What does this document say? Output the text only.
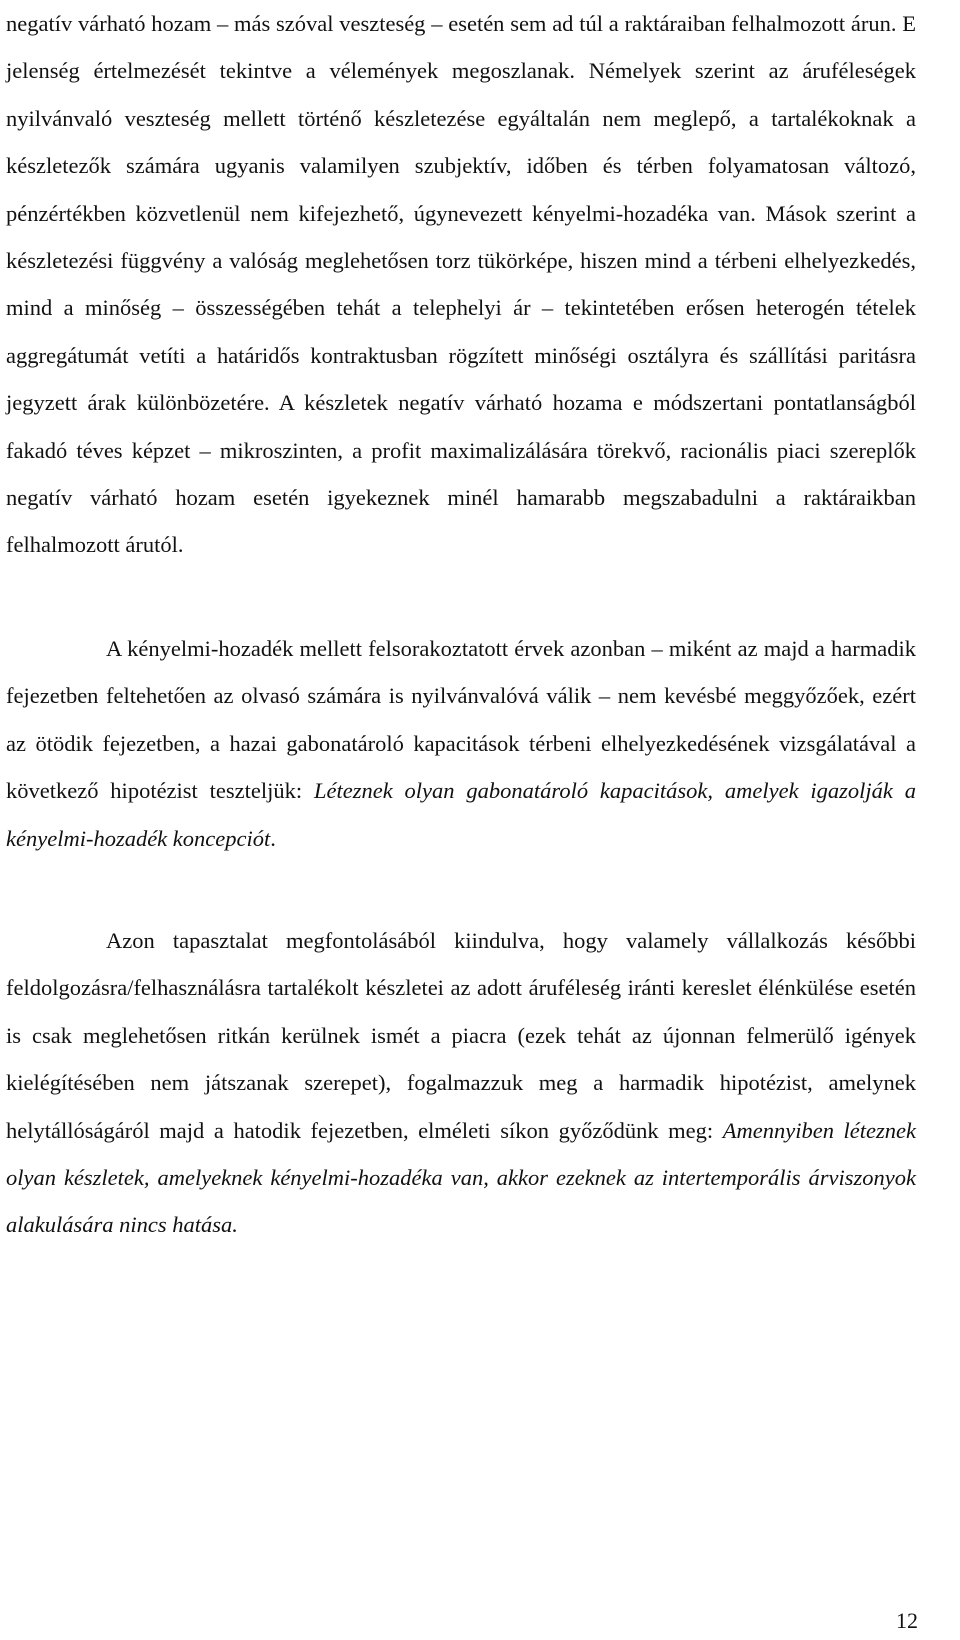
negatív várható hozam – más szóval veszteség – esetén sem ad túl a raktáraiban felhalmozott árun. E jelenség értelmezését tekintve a vélemények megoszlanak. Némelyek szerint az áruféleségek nyilvánvaló veszteség mellett történő készletezése egyáltalán nem meglepő, a tartalékoknak a készletezők számára ugyanis valamilyen szubjektív, időben és térben folyamatosan változó, pénzértékben közvetlenül nem kifejezhető, úgynevezett kényelmi-hozadéka van. Mások szerint a készletezési függvény a valóság meglehetősen torz tükörképe, hiszen mind a térbeni elhelyezkedés, mind a minőség – összességében tehát a telephelyi ár – tekintetében erősen heterogén tételek aggregátumát vetíti a határidős kontraktusban rögzített minőségi osztályra és szállítási paritásra jegyzett árak különbözetére. A készletek negatív várható hozama e módszertani pontatlanságból fakadó téves képzet – mikroszinten, a profit maximalizálására törekvő, racionális piaci szereplők negatív várható hozam esetén igyekeznek minél hamarabb megszabadulni a raktáraikban felhalmozott árutól.

A kényelmi-hozadék mellett felsorakoztatott érvek azonban – miként az majd a harmadik fejezetben feltehetően az olvasó számára is nyilvánvalóvá válik – nem kevésbé meggyőzőek, ezért az ötödik fejezetben, a hazai gabonatároló kapacitások térbeni elhelyezkedésének vizsgálatával a következő hipotézist teszteljük: Léteznek olyan gabonatároló kapacitások, amelyek igazolják a kényelmi-hozadék koncepciót.

Azon tapasztalat megfontolásából kiindulva, hogy valamely vállalkozás későbbi feldolgozásra/felhasználásra tartalékolt készletei az adott áruféleség iránti kereslet élénkülése esetén is csak meglehetősen ritkán kerülnek ismét a piacra (ezek tehát az újonnan felmerülő igények kielégítésében nem játszanak szerepet), fogalmazzuk meg a harmadik hipotézist, amelynek helytállóságáról majd a hatodik fejezetben, elméleti síkon győződünk meg: Amennyiben léteznek olyan készletek, amelyeknek kényelmi-hozadéka van, akkor ezeknek az intertemporális árviszonyok alakulására nincs hatása.

12
